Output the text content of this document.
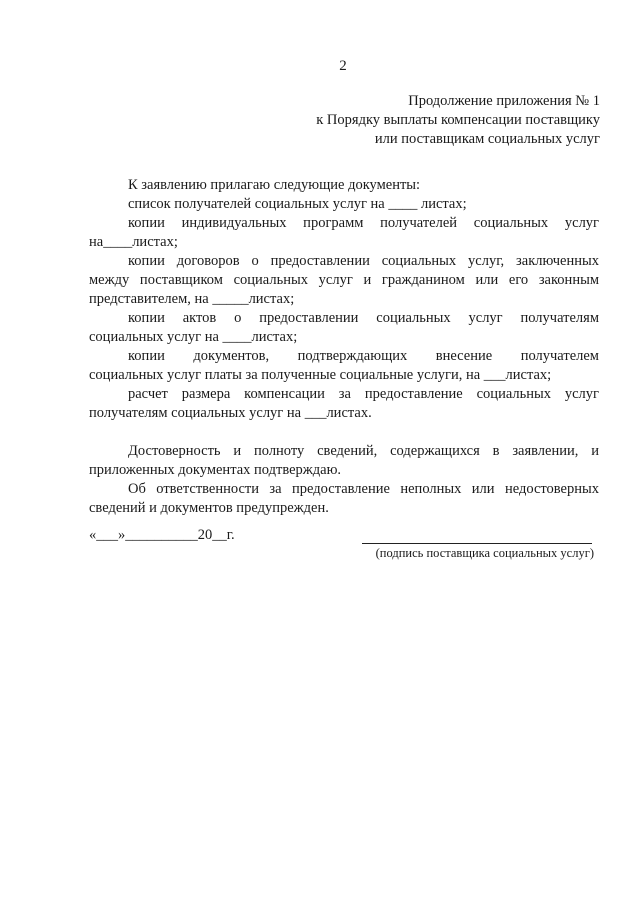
2
Продолжение приложения № 1
к Порядку выплаты компенсации поставщику
или поставщикам социальных услуг
К заявлению прилагаю следующие документы:
список получателей социальных услуг на ____ листах;
копии индивидуальных программ получателей социальных услуг
на____листах;
копии договоров о предоставлении социальных услуг, заключенных
между поставщиком социальных услуг и гражданином или его законным
представителем, на _____листах;
копии актов о предоставлении социальных услуг получателям
социальных услуг на ____листах;
копии документов, подтверждающих внесение получателем
социальных услуг платы за полученные социальные услуги, на ___листах;
расчет размера компенсации за предоставление социальных услуг
получателям социальных услуг на ___листах.
Достоверность и полноту сведений, содержащихся в заявлении, и
приложенных документах подтверждаю.
Об ответственности за предоставление неполных или недостоверных
сведений и документов предупрежден.
«___»__________20__г.
(подпись поставщика социальных услуг)
